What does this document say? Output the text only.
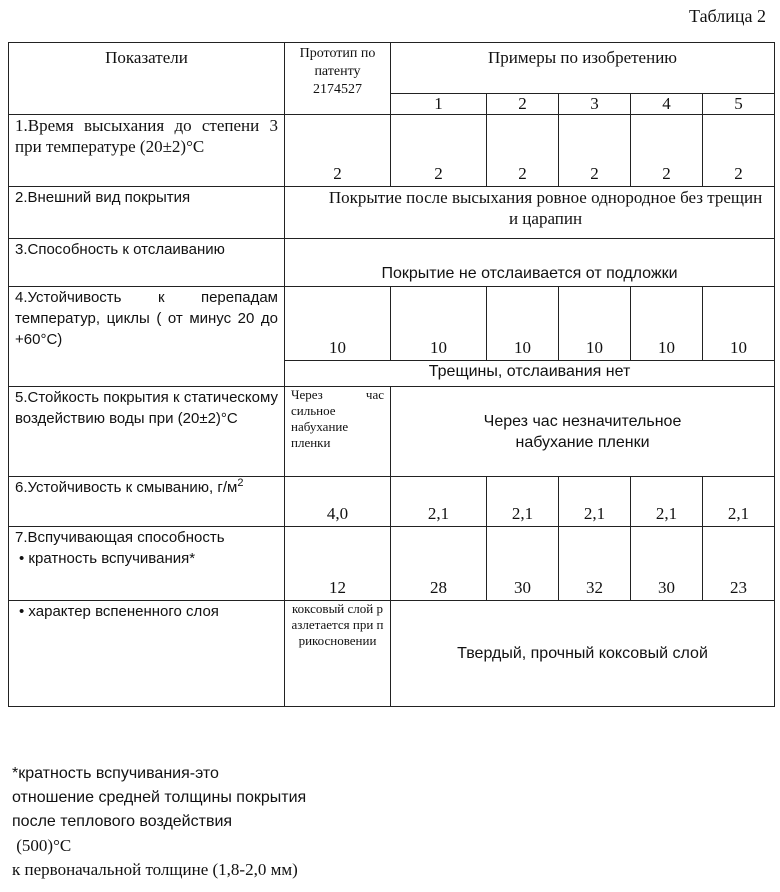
Таблица 2
Показатели	Прототип по патенту 2174527	Примеры по изобретению				
		1	2	3	4	5
1.Время высыхания до степени 3 при температуре (20±2)°С	2	2	2	2	2	2
2.Внешний вид покрытия	Покрытие после высыхания ровное однородное без трещин и царапин					
3.Способность к отслаиванию	Покрытие не отслаивается от подложки					
4.Устойчивость к перепадам температур, циклы ( от минус 20 до +60°С)	10	10	10	10	10	10
	Трещины, отслаивания нет					
5.Стойкость покрытия к статическому воздействию воды при (20±2)°С	Через час сильное набухание пленки	Через час незначительное набухание пленки				
6.Устойчивость к смыванию, $г/м^2$	4,0	2,1	2,1	2,1	2,1	2,1

7.Вспучивающая способность
• кратность вспучивания*	12	28	30	32	30	23
• характер вспененного слоя	коксовый слой разлетается при прикосновении	Твердый, прочный коксовый слой				
*кратность вспучивания-это
отношение средней толщины покрытия
после теплового воздействия
(500)°С
к первоначальной толщине (1,8-2,0 мм)
